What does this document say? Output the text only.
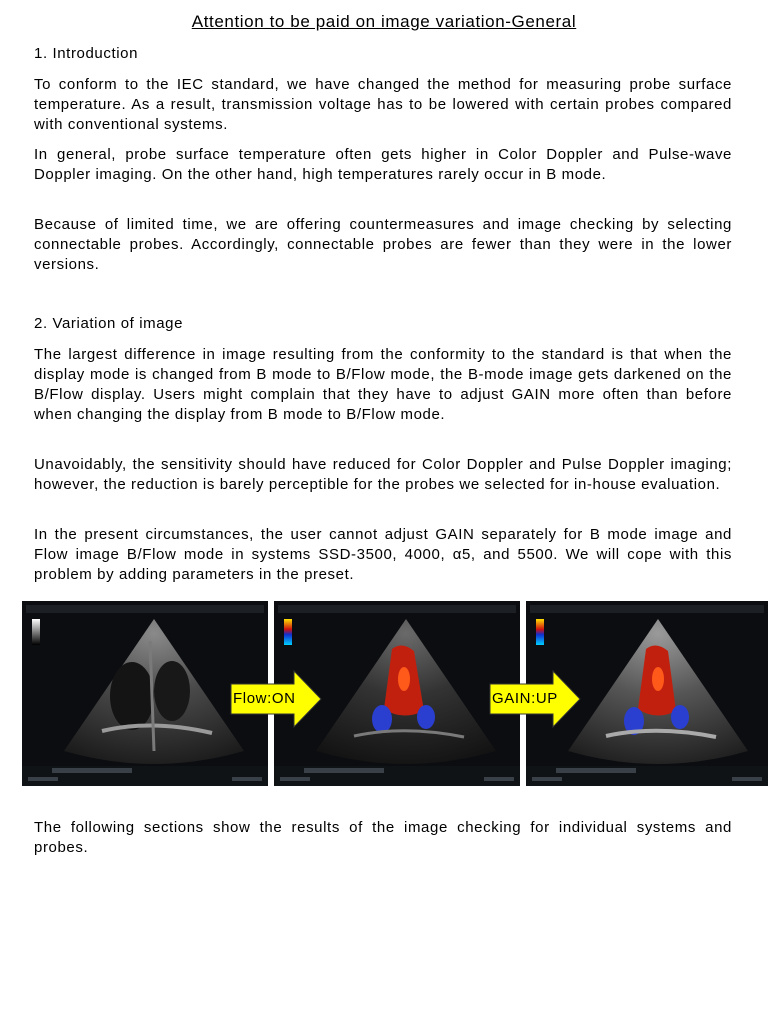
Attention to be paid on image variation-General
1. Introduction
To conform to the IEC standard, we have changed the method for measuring probe surface temperature. As a result, transmission voltage has to be lowered with certain probes compared with conventional systems.
In general, probe surface temperature often gets higher in Color Doppler and Pulse-wave Doppler imaging. On the other hand, high temperatures rarely occur in B mode.
Because of limited time, we are offering countermeasures and image checking by selecting connectable probes. Accordingly, connectable probes are fewer than they were in the lower versions.
2. Variation of image
The largest difference in image resulting from the conformity to the standard is that when the display mode is changed from B mode to B/Flow mode, the B-mode image gets darkened on the B/Flow display. Users might complain that they have to adjust GAIN more often than before when changing the display from B mode to B/Flow mode.
Unavoidably, the sensitivity should have reduced for Color Doppler and Pulse Doppler imaging; however, the reduction is barely perceptible for the probes we selected for in-house evaluation.
In the present circumstances, the user cannot adjust GAIN separately for B mode image and Flow image B/Flow mode in systems SSD-3500, 4000, α5, and 5500. We will cope with this problem by adding parameters in the preset.
Flow:ON	GAIN:UP
The following sections show the results of the image checking for individual systems and probes.
